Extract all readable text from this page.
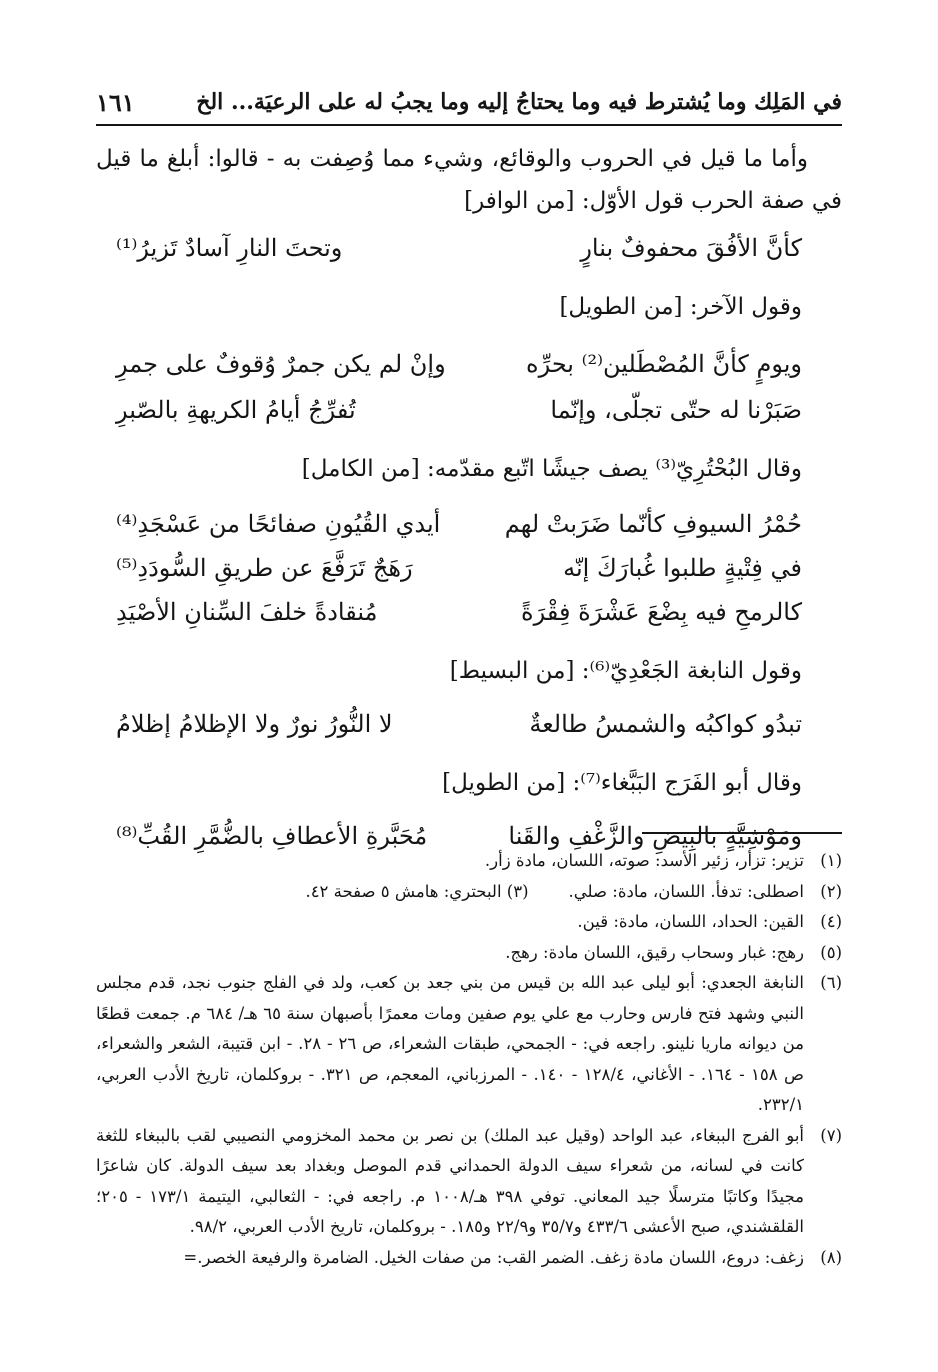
في المَلِك وما يُشترط فيه وما يحتاجُ إليه وما يجبُ له على الرعيَة... الخ
١٦١

وأما ما قيل في الحروب والوقائع، وشيء مما وُصِفت به - قالوا: أبلغ ما قيل في صفة الحرب قول الأوّل: [من الوافر]

كأنَّ الأفُقَ محفوفٌ بنارٍ
وتحتَ النارِ آسادٌ تَزيرُ⁽¹⁾
وقول الآخر: [من الطويل]
ويومٍ كأنَّ المُصْطَلين⁽²⁾ بحرِّه
وإنْ لم يكن جمرٌ وُقوفٌ على جمرِ
صَبَرْنا له حتّى تجلّى، وإنّما
تُفرِّجُ أيامُ الكريهةِ بالصّبرِ
وقال البُحْتُرِيّ⁽³⁾ يصف جيشًا اتّبع مقدّمه: [من الكامل]
حُمْرُ السيوفِ كأنّما ضَرَبتْ لهم
أيدي القُيُونِ صفائحًا من عَسْجَدِ⁽⁴⁾
في فِتْيةٍ طلبوا غُبارَكَ إنّه
رَهَجٌ تَرَفَّعَ عن طريقِ السُّودَدِ⁽⁵⁾
كالرمحِ فيه بِضْعَ عَشْرَةَ فِقْرَةً
مُنقادةً خلفَ السِّنانِ الأصْيَدِ
وقول النابغة الجَعْدِيّ⁽⁶⁾: [من البسيط]
تبدُو كواكبُه والشمسُ طالعةٌ
لا النُّورُ نورٌ ولا الإظلامُ إظلامُ
وقال أبو الفَرَج البَبَّغاء⁽⁷⁾: [من الطويل]
ومَوْشِيَّةٍ بالبِيضِ والزَّغْفِ والقَنا
مُحَبَّرةِ الأعطافِ بالضُّمَّرِ القُبِّ⁽⁸⁾
(١)
تزير: تزأر، زئير الأسد: صوته، اللسان، مادة زأر.
(٢)
اصطلى: تدفأ. اللسان، مادة: صلي.(٣) البحتري: هامش ٥ صفحة ٤٢.
(٤)
القين: الحداد، اللسان، مادة: قين.
(٥)
رهج: غبار وسحاب رقيق، اللسان مادة: رهج.
(٦)
النابغة الجعدي: أبو ليلى عبد الله بن قيس من بني جعد بن كعب، ولد في الفلج جنوب نجد، قدم مجلس النبي وشهد فتح فارس وحارب مع علي يوم صفين ومات معمرًا بأصبهان سنة ٦٥ هـ/ ٦٨٤ م. جمعت قطعًا من ديوانه ماريا نلينو. راجعه في: - الجمحي، طبقات الشعراء، ص ٢٦ - ٢٨. - ابن قتيبة، الشعر والشعراء، ص ١٥٨ - ١٦٤. - الأغاني، ١٢٨/٤ - ١٤٠. - المرزباني، المعجم، ص ٣٢١. - بروكلمان، تاريخ الأدب العربي، ٢٣٢/١.
(٧)
أبو الفرج الببغاء، عبد الواحد (وقيل عبد الملك) بن نصر بن محمد المخزومي النصيبي لقب بالببغاء للثغة كانت في لسانه، من شعراء سيف الدولة الحمداني قدم الموصل وبغداد بعد سيف الدولة. كان شاعرًا مجيدًا وكاتبًا مترسلًا جيد المعاني. توفي ٣٩٨ هـ/١٠٠٨ م. راجعه في: - الثعالبي، اليتيمة ١٧٣/١ - ٢٠٥؛ القلقشندي، صبح الأعشى ٤٣٣/٦ و٣٥/٧ و٢٢/٩ و١٨٥. - بروكلمان، تاريخ الأدب العربي، ٩٨/٢.
(٨)
زغف: دروع، اللسان مادة زغف. الضمر القب: من صفات الخيل. الضامرة والرفيعة الخصر.=
